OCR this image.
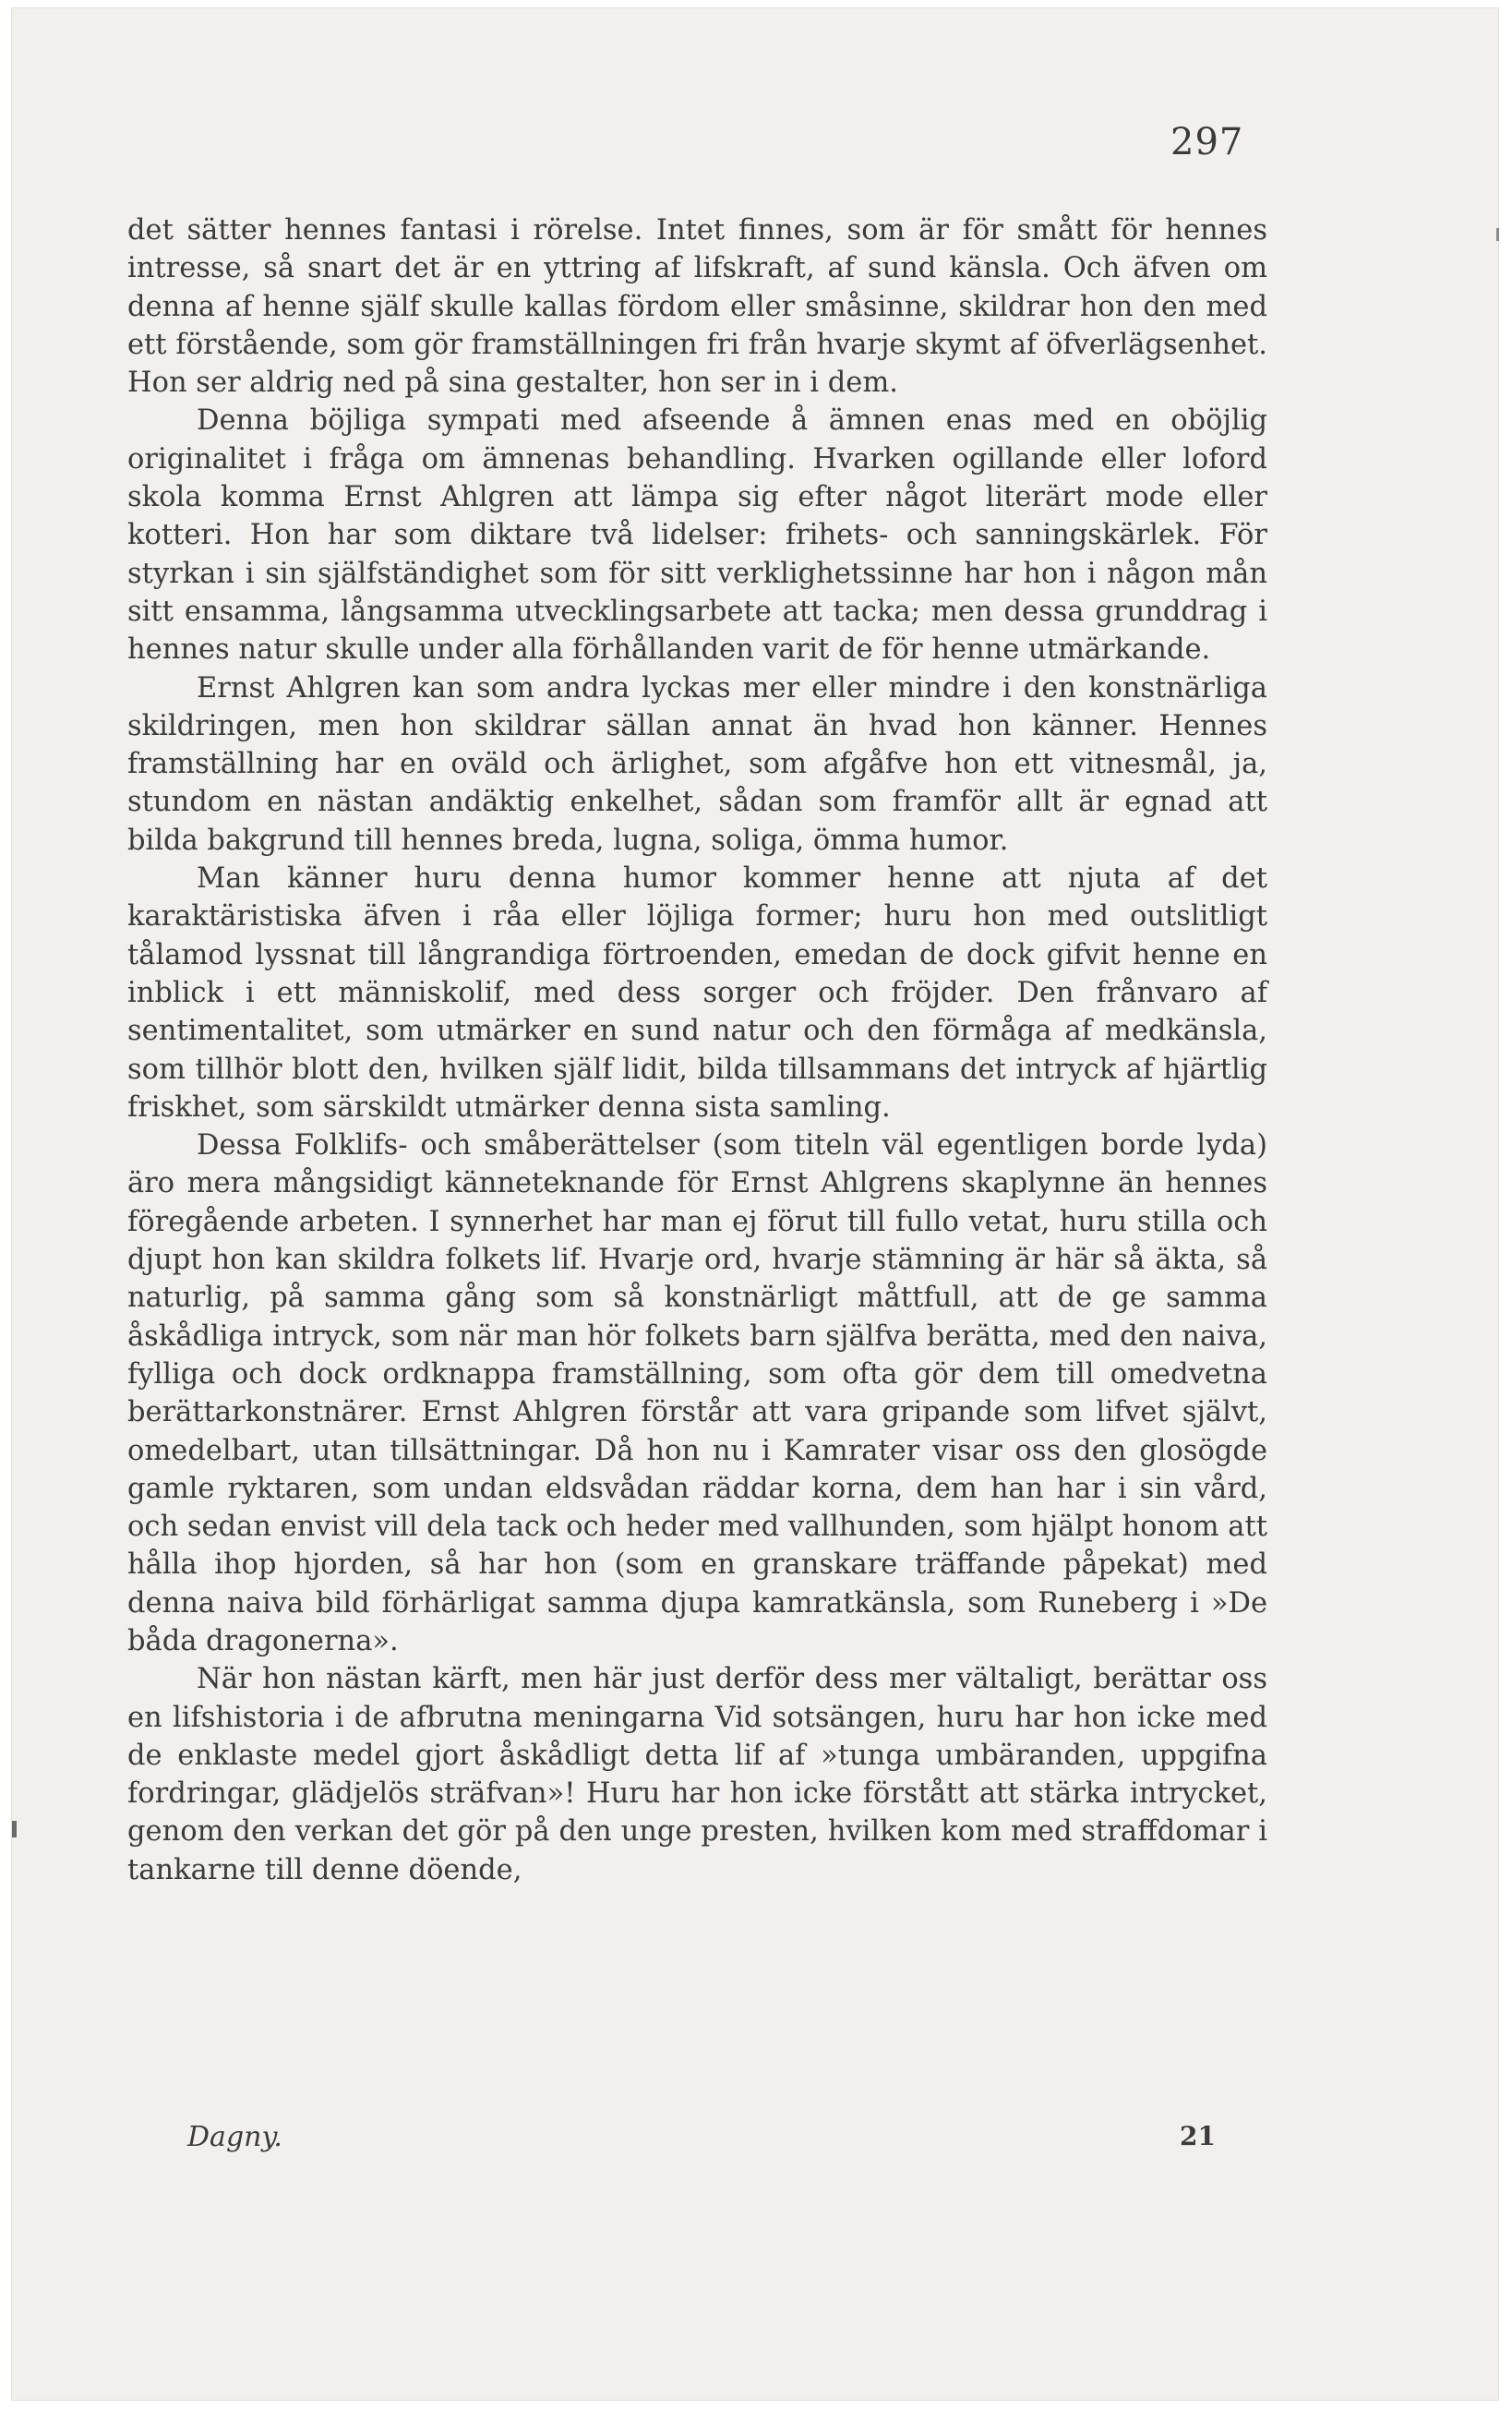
297

det sätter hennes fantasi i rörelse. Intet finnes, som är för smått för hennes intresse, så snart det är en yttring af lifskraft, af sund känsla. Och äfven om denna af henne själf skulle kallas fördom eller småsinne, skildrar hon den med ett förstående, som gör framställningen fri från hvarje skymt af öfverlägsenhet. Hon ser aldrig ned på sina gestalter, hon ser in i dem.

Denna böjliga sympati med afseende å ämnen enas med en oböjlig originalitet i fråga om ämnenas behandling. Hvarken ogillande eller loford skola komma Ernst Ahlgren att lämpa sig efter något literärt mode eller kotteri. Hon har som diktare två lidelser: frihets- och sanningskärlek. För styrkan i sin själfständighet som för sitt verklighetssinne har hon i någon mån sitt ensamma, långsamma utvecklingsarbete att tacka; men dessa grunddrag i hennes natur skulle under alla förhållanden varit de för henne utmärkande.

Ernst Ahlgren kan som andra lyckas mer eller mindre i den konstnärliga skildringen, men hon skildrar sällan annat än hvad hon känner. Hennes framställning har en oväld och ärlighet, som afgåfve hon ett vitnesmål, ja, stundom en nästan andäktig enkelhet, sådan som framför allt är egnad att bilda bakgrund till hennes breda, lugna, soliga, ömma humor.

Man känner huru denna humor kommer henne att njuta af det karaktäristiska äfven i råa eller löjliga former; huru hon med outslitligt tålamod lyssnat till långrandiga förtroenden, emedan de dock gifvit henne en inblick i ett människolif, med dess sorger och fröjder. Den frånvaro af sentimentalitet, som utmärker en sund natur och den förmåga af medkänsla, som tillhör blott den, hvilken själf lidit, bilda tillsammans det intryck af hjärtlig friskhet, som särskildt utmärker denna sista samling.

Dessa Folklifs- och småberättelser (som titeln väl egentligen borde lyda) äro mera mångsidigt känneteknande för Ernst Ahlgrens skaplynne än hennes föregående arbeten. I synnerhet har man ej förut till fullo vetat, huru stilla och djupt hon kan skildra folkets lif. Hvarje ord, hvarje stämning är här så äkta, så naturlig, på samma gång som så konstnärligt måttfull, att de ge samma åskådliga intryck, som när man hör folkets barn själfva berätta, med den naiva, fylliga och dock ordknappa framställning, som ofta gör dem till omedvetna berättarkonstnärer. Ernst Ahlgren förstår att vara gripande som lifvet självt, omedelbart, utan tillsättningar. Då hon nu i Kamrater visar oss den glosögde gamle ryktaren, som undan eldsvådan räddar korna, dem han har i sin vård, och sedan envist vill dela tack och heder med vallhunden, som hjälpt honom att hålla ihop hjorden, så har hon (som en granskare träffande påpekat) med denna naiva bild förhärligat samma djupa kamratkänsla, som Runeberg i »De båda dragonerna».

När hon nästan kärft, men här just derför dess mer vältaligt, berättar oss en lifshistoria i de afbrutna meningarna Vid sotsängen, huru har hon icke med de enklaste medel gjort åskådligt detta lif af »tunga umbäranden, uppgifna fordringar, glädjelös sträfvan»! Huru har hon icke förstått att stärka intrycket, genom den verkan det gör på den unge presten, hvilken kom med straffdomar i tankarne till denne döende,

Dagny.	21
